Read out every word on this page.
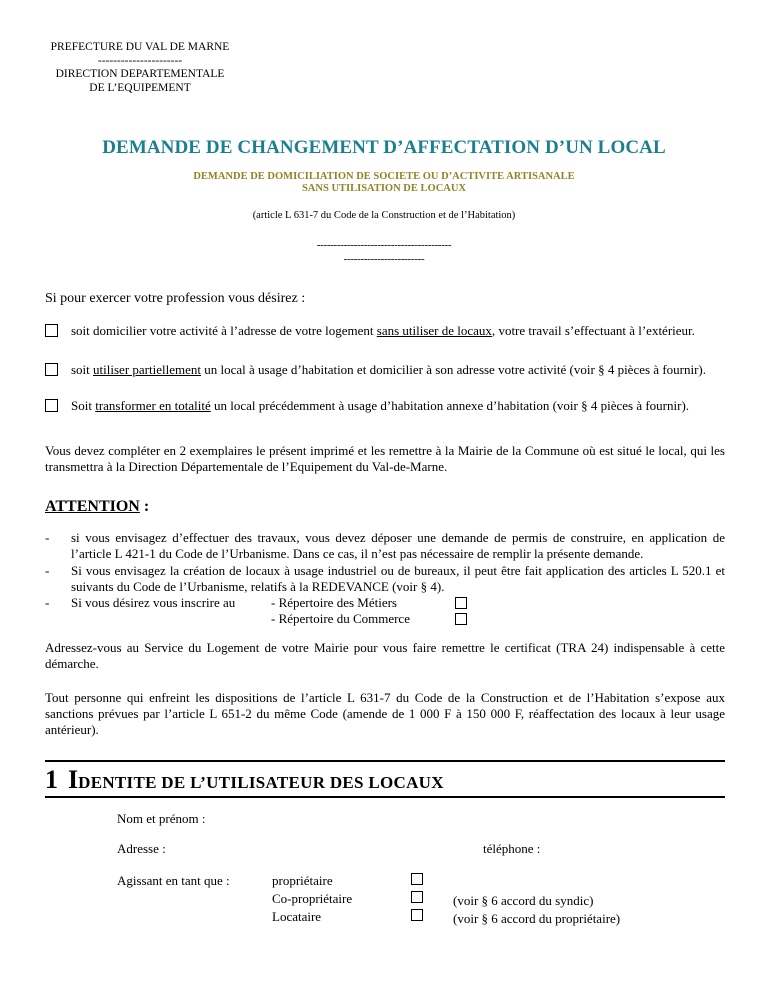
PREFECTURE DU VAL DE MARNE
----------------------
DIRECTION DEPARTEMENTALE
DE L’EQUIPEMENT
DEMANDE DE CHANGEMENT D’AFFECTATION D’UN LOCAL
DEMANDE DE DOMICILIATION DE SOCIETE OU D’ACTIVITE ARTISANALE
SANS UTILISATION DE LOCAUX
(article L 631-7 du Code de la Construction et de l’Habitation)
----------------------------------------
------------------------
Si pour exercer votre profession vous désirez :
soit domicilier votre activité à l’adresse de votre logement sans utiliser de locaux, votre travail s’effectuant à l’extérieur.
soit utiliser partiellement un local à usage d’habitation et domicilier à son adresse votre activité (voir § 4 pièces à fournir).
Soit transformer en totalité un local précédemment à usage d’habitation annexe d’habitation (voir § 4 pièces à fournir).
Vous devez compléter en 2 exemplaires le présent imprimé et les remettre à la Mairie de la Commune où est situé le local, qui les transmettra à la Direction Départementale de l’Equipement du Val-de-Marne.
ATTENTION :
- si vous envisagez d’effectuer des travaux, vous devez déposer une demande de permis de construire, en application de l’article L 421-1 du Code de l’Urbanisme. Dans ce cas, il n’est pas nécessaire de remplir la présente demande.
- Si vous envisagez la création de locaux à usage industriel ou de bureaux, il peut être fait application des articles L 520.1 et suivants du Code de l’Urbanisme, relatifs à la REDEVANCE (voir § 4).
- Si vous désirez vous inscrire au	- Répertoire des Métiers
- Répertoire du Commerce
Adressez-vous au Service du Logement de votre Mairie pour vous faire remettre le certificat (TRA 24) indispensable à cette démarche.
Tout personne qui enfreint les dispositions de l’article L 631-7 du Code de la Construction et de l’Habitation s’expose aux sanctions prévues par l’article L 651-2 du même Code (amende de 1 000 F à 150 000 F, réaffectation des locaux à leur usage antérieur).
1 IDENTITE DE L’UTILISATEUR DES LOCAUX
Nom et prénom :
Adresse :	téléphone :
Agissant en tant que :	propriétaire
Co-propriétaire	(voir § 6 accord du syndic)
Locataire	(voir § 6 accord du propriétaire)
